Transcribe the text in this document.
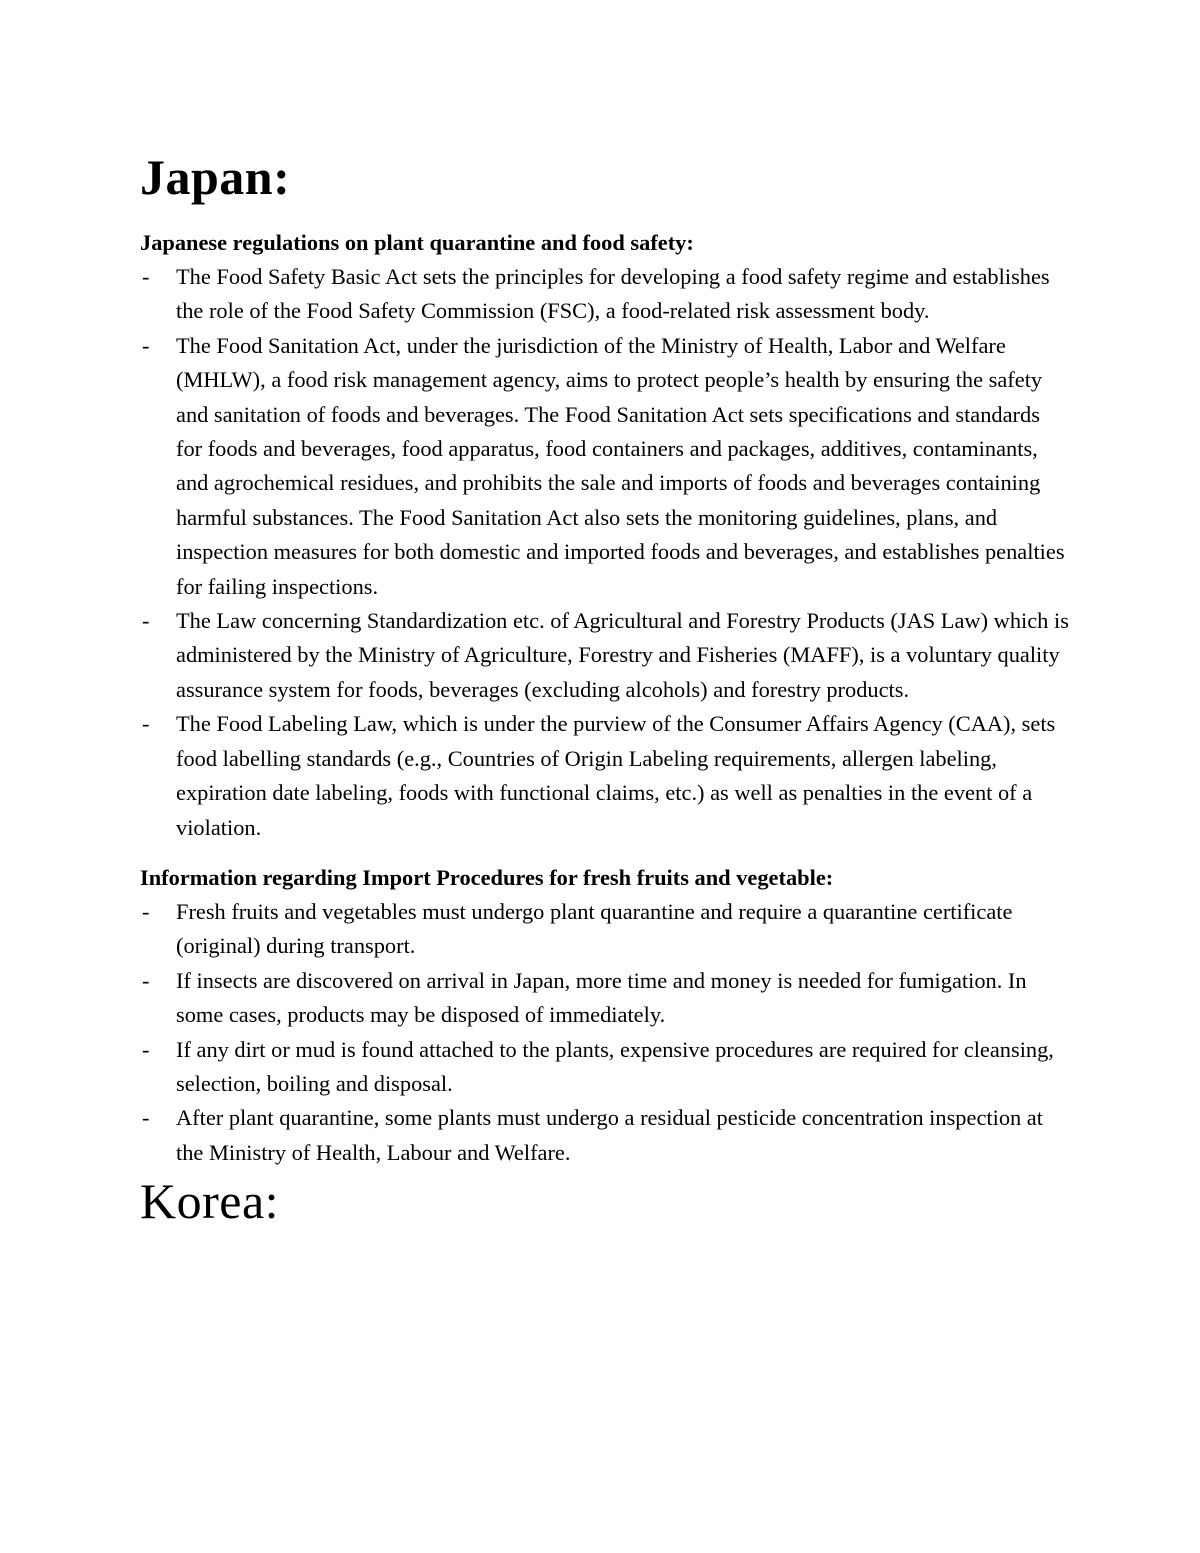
Japan:

Japanese regulations on plant quarantine and food safety:

- The Food Safety Basic Act sets the principles for developing a food safety regime and establishes the role of the Food Safety Commission (FSC), a food-related risk assessment body.
- The Food Sanitation Act, under the jurisdiction of the Ministry of Health, Labor and Welfare (MHLW), a food risk management agency, aims to protect people’s health by ensuring the safety and sanitation of foods and beverages. The Food Sanitation Act sets specifications and standards for foods and beverages, food apparatus, food containers and packages, additives, contaminants, and agrochemical residues, and prohibits the sale and imports of foods and beverages containing harmful substances. The Food Sanitation Act also sets the monitoring guidelines, plans, and inspection measures for both domestic and imported foods and beverages, and establishes penalties for failing inspections.
- The Law concerning Standardization etc. of Agricultural and Forestry Products (JAS Law) which is administered by the Ministry of Agriculture, Forestry and Fisheries (MAFF), is a voluntary quality assurance system for foods, beverages (excluding alcohols) and forestry products.
- The Food Labeling Law, which is under the purview of the Consumer Affairs Agency (CAA), sets food labelling standards (e.g., Countries of Origin Labeling requirements, allergen labeling, expiration date labeling, foods with functional claims, etc.) as well as penalties in the event of a violation.

Information regarding Import Procedures for fresh fruits and vegetable:

- Fresh fruits and vegetables must undergo plant quarantine and require a quarantine certificate (original) during transport.
- If insects are discovered on arrival in Japan, more time and money is needed for fumigation. In some cases, products may be disposed of immediately.
- If any dirt or mud is found attached to the plants, expensive procedures are required for cleansing, selection, boiling and disposal.
- After plant quarantine, some plants must undergo a residual pesticide concentration inspection at the Ministry of Health, Labour and Welfare.
Korea:
